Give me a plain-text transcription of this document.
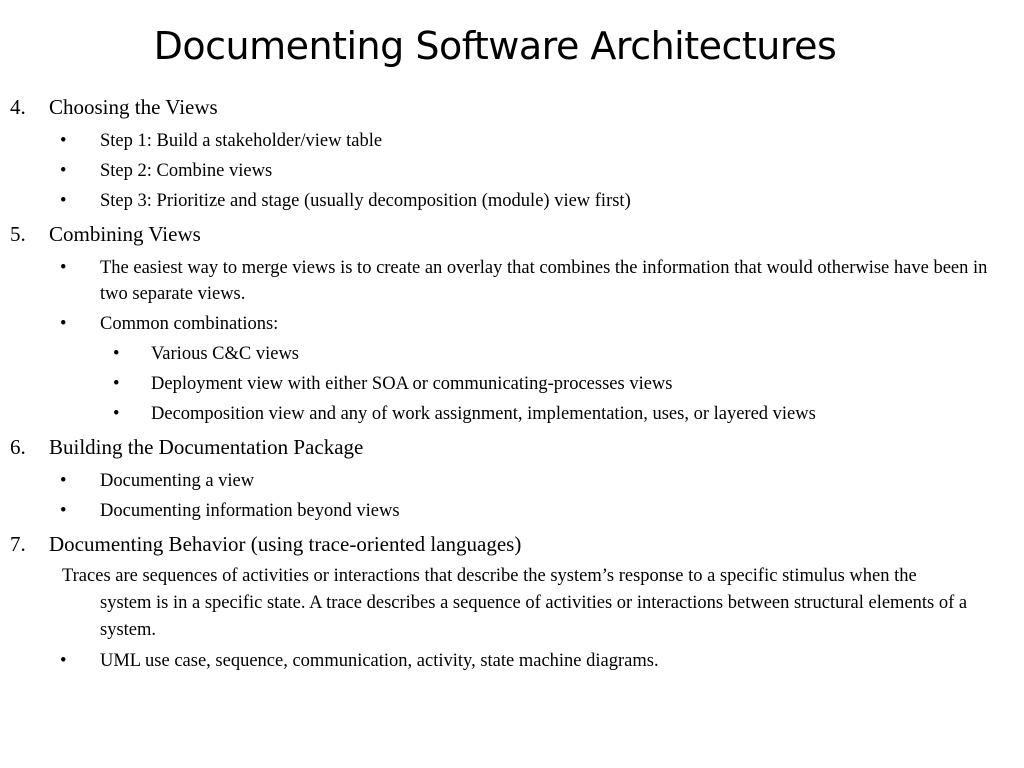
Documenting Software Architectures
4. Choosing the Views
• Step 1: Build a stakeholder/view table
• Step 2: Combine views
• Step 3: Prioritize and stage (usually decomposition (module) view first)
5. Combining Views
• The easiest way to merge views is to create an overlay that combines the information that would otherwise have been in two separate views.
• Common combinations:
• Various C&C views
• Deployment view with either SOA or communicating-processes views
• Decomposition view and any of work assignment, implementation, uses, or layered views
6. Building the Documentation Package
• Documenting a view
• Documenting information beyond views
7. Documenting Behavior (using trace-oriented languages)
Traces are sequences of activities or interactions that describe the system’s response to a specific stimulus when the system is in a specific state. A trace describes a sequence of activities or interactions between structural elements of a system.
• UML use case, sequence, communication, activity, state machine diagrams.
